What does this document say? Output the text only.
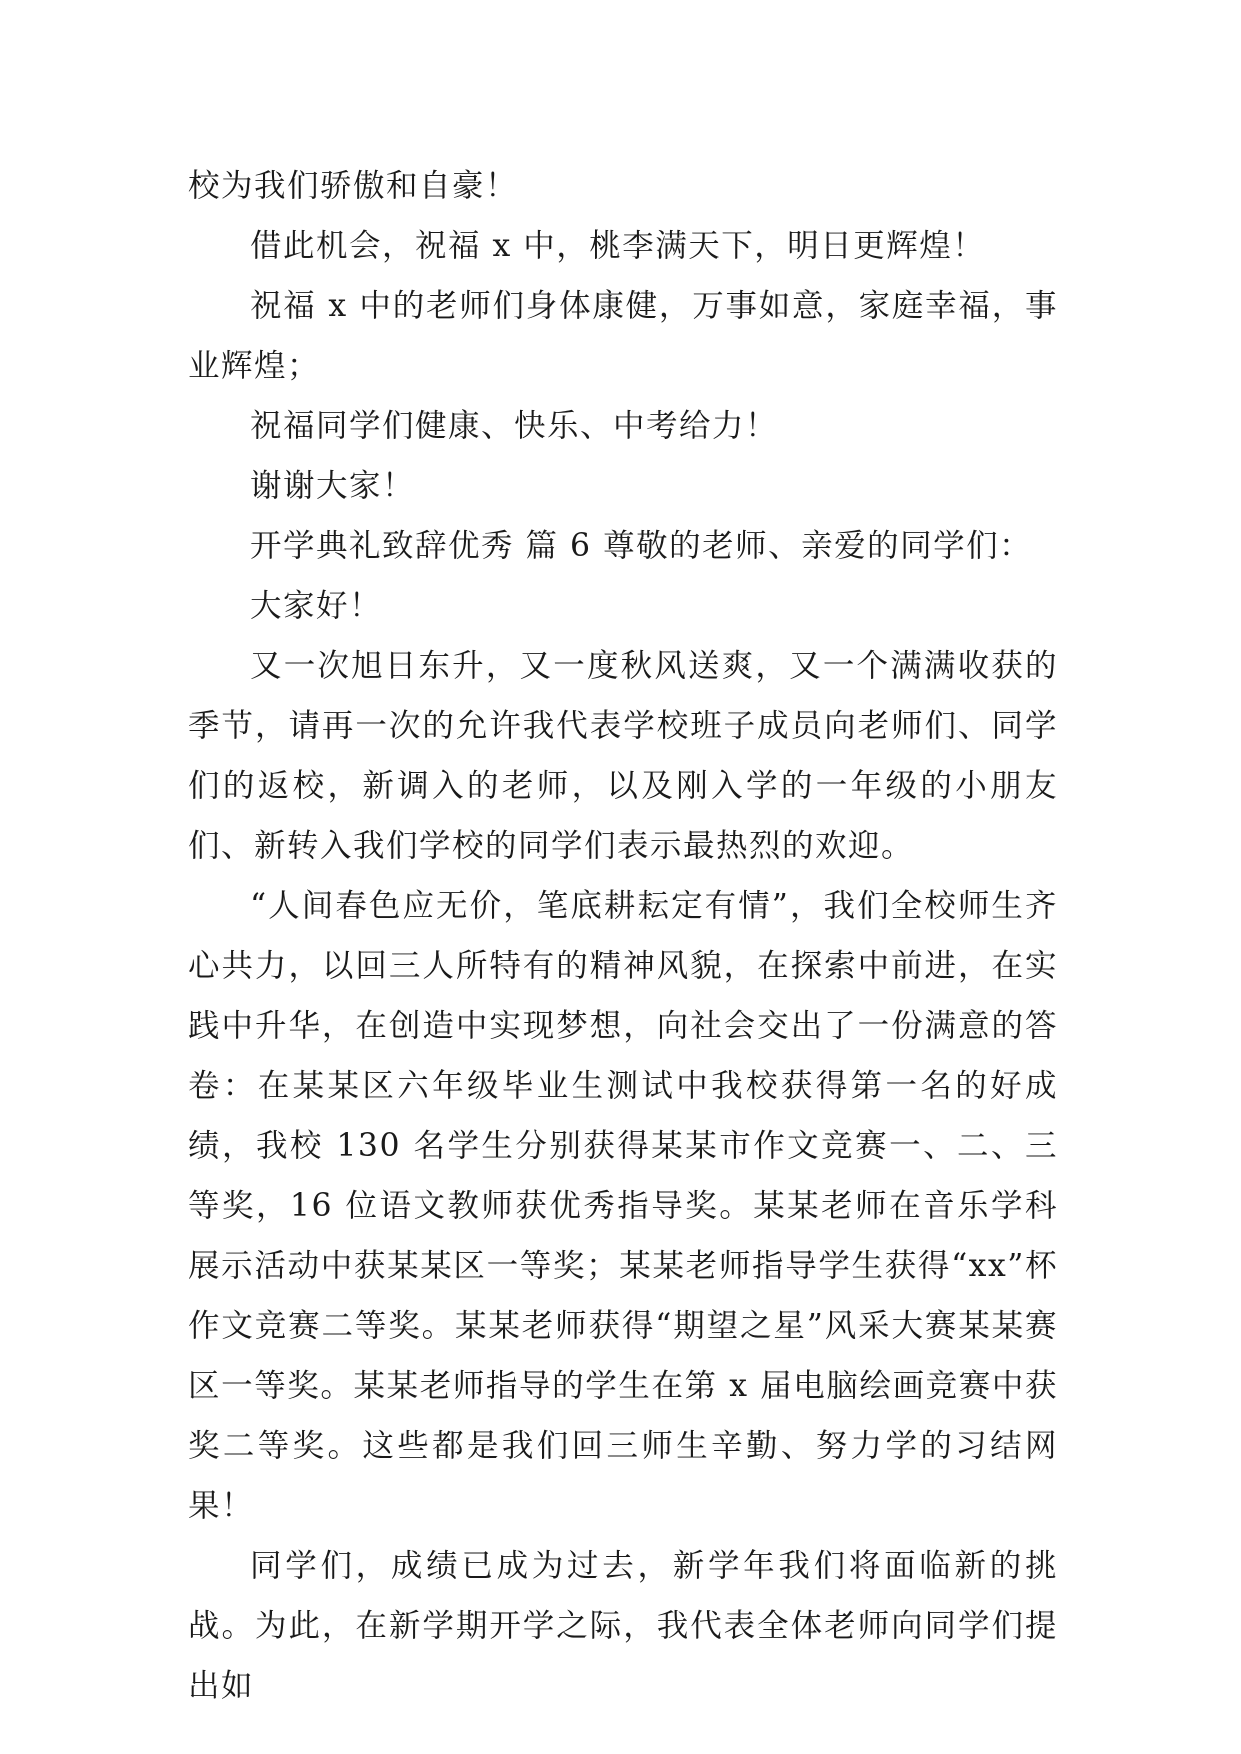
校为我们骄傲和自豪！

借此机会，祝福 x 中，桃李满天下，明日更辉煌！

祝福 x 中的老师们身体康健，万事如意，家庭幸福，事业辉煌；

祝福同学们健康、快乐、中考给力！

谢谢大家！

开学典礼致辞优秀 篇 6 尊敬的老师、亲爱的同学们：

大家好！

又一次旭日东升，又一度秋风送爽，又一个满满收获的季节，请再一次的允许我代表学校班子成员向老师们、同学们的返校，新调入的老师，以及刚入学的一年级的小朋友们、新转入我们学校的同学们表示最热烈的欢迎。

“人间春色应无价，笔底耕耘定有情”，我们全校师生齐心共力，以回三人所特有的精神风貌，在探索中前进，在实践中升华，在创造中实现梦想，向社会交出了一份满意的答卷：在某某区六年级毕业生测试中我校获得第一名的好成绩，我校 130 名学生分别获得某某市作文竞赛一、二、三等奖，16 位语文教师获优秀指导奖。某某老师在音乐学科展示活动中获某某区一等奖；某某老师指导学生获得“xx”杯作文竞赛二等奖。某某老师获得“期望之星”风采大赛某某赛区一等奖。某某老师指导的学生在第 x 届电脑绘画竞赛中获奖二等奖。这些都是我们回三师生辛勤、努力学的习结网果！

同学们，成绩已成为过去，新学年我们将面临新的挑战。为此，在新学期开学之际，我代表全体老师向同学们提出如
